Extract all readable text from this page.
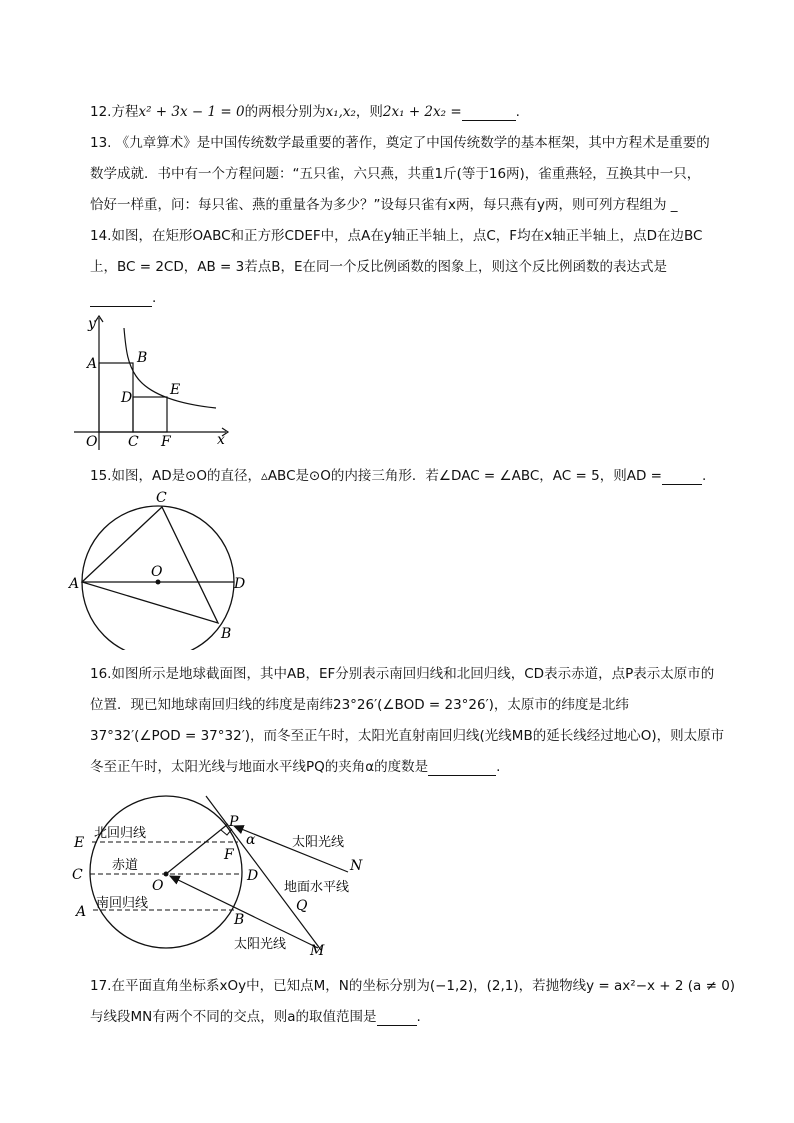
12.方程x² + 3x − 1 = 0的两根分别为x₁,x₂，则2x₁ + 2x₂ =	.
13. 《九章算术》是中国传统数学最重要的著作，奠定了中国传统数学的基本框架，其中方程术是重要的
数学成就．书中有一个方程问题：“五只雀，六只燕，共重1斤(等于16两)，雀重燕轻，互换其中一只，
恰好一样重，问：每只雀、燕的重量各为多少？”设每只雀有x两，每只燕有y两，则可列方程组为 _
14.如图，在矩形OABC和正方形CDEF中，点A在y轴正半轴上，点C，F均在x轴正半轴上，点D在边BC
上，BC = 2CD，AB = 3若点B，E在同一个反比例函数的图象上，则这个反比例函数的表达式是
.
y
A	B
D	E
O C F	x
15.如图，AD是⊙O的直径，▵ABC是⊙O的内接三角形．若∠DAC = ∠ABC，AC = 5，则AD =	.
A
C
D
O
B
16.如图所示是地球截面图，其中AB，EF分别表示南回归线和北回归线，CD表示赤道，点P表示太原市的
位置．现已知地球南回归线的纬度是南纬23°26′(∠BOD = 23°26′)，太原市的纬度是北纬
37°32′(∠POD = 37°32′)，而冬至正午时，太阳光直射南回归线(光线MB的延长线经过地心O)，则太原市
冬至正午时，太阳光线与地面水平线PQ的夹角α的度数是	.
E
C
A
O
P
F
α
D
B
Q
N
M
北回归线
赤道
南回归线
太阳光线
地面水平线
太阳光线
17.在平面直角坐标系xOy中，已知点M，N的坐标分别为(−1,2)，(2,1)，若抛物线y = ax²−x + 2 (a ≠ 0)
与线段MN有两个不同的交点，则a的取值范围是	.
